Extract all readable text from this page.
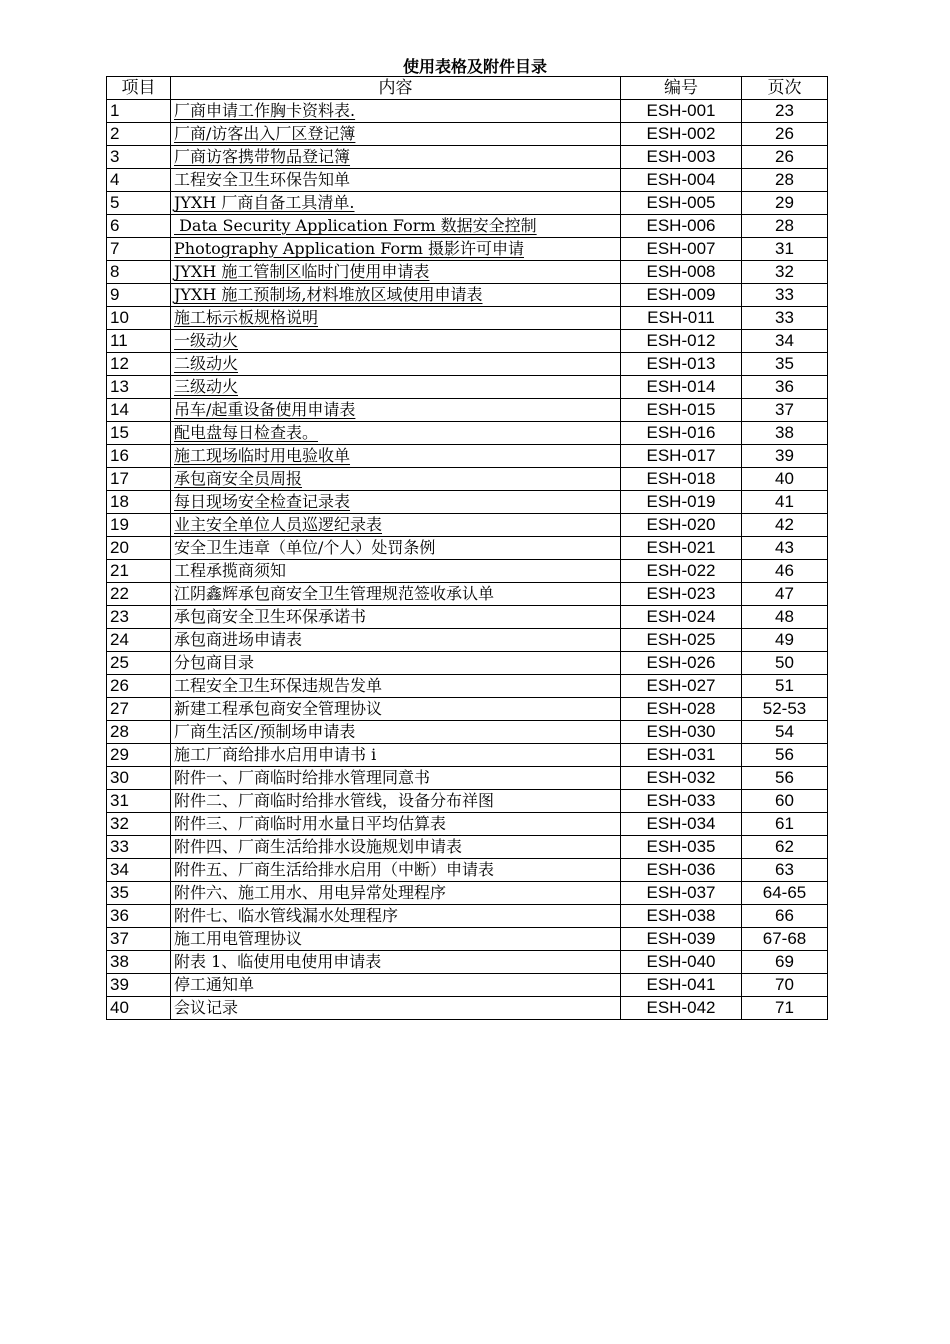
使用表格及附件目录
项目	内容	编号	页次
1	厂商申请工作胸卡资料表.	ESH-001	23
2	厂商/访客出入厂区登记簿	ESH-002	26
3	厂商访客携带物品登记簿	ESH-003	26
4	工程安全卫生环保告知单	ESH-004	28
5	JYXH 厂商自备工具清单.	ESH-005	29
6	Data Security Application Form 数据安全控制	ESH-006	28
7	Photography Application Form 摄影许可申请	ESH-007	31
8	JYXH 施工管制区临时门使用申请表	ESH-008	32
9	JYXH 施工预制场,材料堆放区域使用申请表	ESH-009	33
10	施工标示板规格说明	ESH-011	33
11	一级动火	ESH-012	34
12	二级动火	ESH-013	35
13	三级动火	ESH-014	36
14	吊车/起重设备使用申请表	ESH-015	37
15	配电盘每日检查表。	ESH-016	38
16	施工现场临时用电验收单	ESH-017	39
17	承包商安全员周报	ESH-018	40
18	每日现场安全检查记录表	ESH-019	41
19	业主安全单位人员巡逻纪录表	ESH-020	42
20	安全卫生违章（单位/个人）处罚条例	ESH-021	43
21	工程承揽商须知	ESH-022	46
22	江阴鑫辉承包商安全卫生管理规范签收承认单	ESH-023	47
23	承包商安全卫生环保承诺书	ESH-024	48
24	承包商进场申请表	ESH-025	49
25	分包商目录	ESH-026	50
26	工程安全卫生环保违规告发单	ESH-027	51
27	新建工程承包商安全管理协议	ESH-028	52-53
28	厂商生活区/预制场申请表	ESH-030	54
29	施工厂商给排水启用申请书 i	ESH-031	56
30	附件一、厂商临时给排水管理同意书	ESH-032	56
31	附件二、厂商临时给排水管线，设备分布祥图	ESH-033	60
32	附件三、厂商临时用水量日平均估算表	ESH-034	61
33	附件四、厂商生活给排水设施规划申请表	ESH-035	62
34	附件五、厂商生活给排水启用（中断）申请表	ESH-036	63
35	附件六、施工用水、用电异常处理程序	ESH-037	64-65
36	附件七、临水管线漏水处理程序	ESH-038	66
37	施工用电管理协议	ESH-039	67-68
38	附表 1、临使用电使用申请表	ESH-040	69
39	停工通知单	ESH-041	70
40	会议记录	ESH-042	71
